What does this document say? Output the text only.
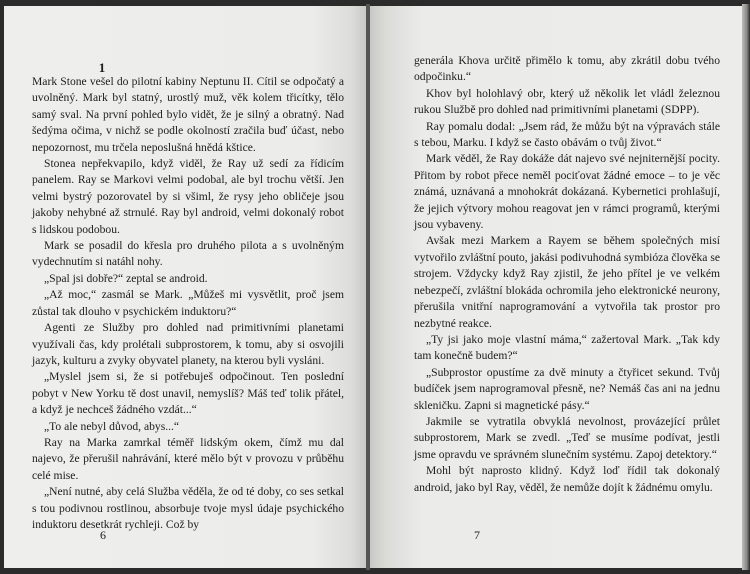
1

Mark Stone vešel do pilotní kabiny Neptunu II. Cítil se odpočatý a uvolněný. Mark byl statný, urostlý muž, věk kolem třicítky, tělo samý sval. Na první pohled bylo vidět, že je silný a obratný. Nad šedýma očima, v nichž se podle okolností zračila buď účast, nebo nepozornost, mu trčela neposlušná hnědá kštice.

Stonea nepřekvapilo, když viděl, že Ray už sedí za řídicím panelem. Ray se Markovi velmi podobal, ale byl trochu větší. Jen velmi bystrý pozorovatel by si všiml, že rysy jeho obličeje jsou jakoby nehybné až strnulé. Ray byl android, velmi dokonalý robot s lidskou podobou.

Mark se posadil do křesla pro druhého pilota a s uvolněným vydechnutím si natáhl nohy.

„Spal jsi dobře?“ zeptal se android.

„Až moc,“ zasmál se Mark. „Můžeš mi vysvětlit, proč jsem zůstal tak dlouho v psychickém induktoru?“

Agenti ze Služby pro dohled nad primitivními planetami využívali čas, kdy prolétali subprostorem, k tomu, aby si osvojili jazyk, kulturu a zvyky obyvatel planety, na kterou byli vysláni.

„Myslel jsem si, že si potřebuješ odpočinout. Ten poslední pobyt v New Yorku tě dost unavil, nemyslíš? Máš teď tolik přátel, a když je nechceš žádného vzdát...“

„To ale nebyl důvod, abys...“

Ray na Marka zamrkal téměř lidským okem, čímž mu dal najevo, že přerušil nahrávání, které mělo být v provozu v průběhu celé mise.

„Není nutné, aby celá Služba věděla, že od té doby, co ses setkal s tou podivnou rostlinou, absorbuje tvoje mysl údaje psychického induktoru desetkrát rychleji. Což by

6

generála Khova určitě přimělo k tomu, aby zkrátil dobu tvého odpočinku.“

Khov byl holohlavý obr, který už několik let vládl železnou rukou Službě pro dohled nad primitivními planetami (SDPP).

Ray pomalu dodal: „Jsem rád, že můžu být na výpravách stále s tebou, Marku. I když se často obávám o tvůj život.“

Mark věděl, že Ray dokáže dát najevo své nejniternější pocity. Přitom by robot přece neměl pociťovat žádné emoce – to je věc známá, uznávaná a mnohokrát dokázaná. Kybernetici prohlašují, že jejich výtvory mohou reagovat jen v rámci programů, kterými jsou vybaveny.

Avšak mezi Markem a Rayem se během společných misí vytvořilo zvláštní pouto, jakási podivuhodná symbióza člověka se strojem. Vždycky když Ray zjistil, že jeho přítel je ve velkém nebezpečí, zvláštní blokáda ochromila jeho elektronické neurony, přerušila vnitřní naprogramování a vytvořila tak prostor pro nezbytné reakce.

„Ty jsi jako moje vlastní máma,“ zažertoval Mark. „Tak kdy tam konečně budem?“

„Subprostor opustíme za dvě minuty a čtyřicet sekund. Tvůj budíček jsem naprogramoval přesně, ne? Nemáš čas ani na jednu skleničku. Zapni si magnetické pásy.“

Jakmile se vytratila obvyklá nevolnost, provázející průlet subprostorem, Mark se zvedl. „Teď se musíme podívat, jestli jsme opravdu ve správném slunečním systému. Zapoj detektory.“

Mohl být naprosto klidný. Když loď řídil tak dokonalý android, jako byl Ray, věděl, že nemůže dojít k žádnému omylu.

7
